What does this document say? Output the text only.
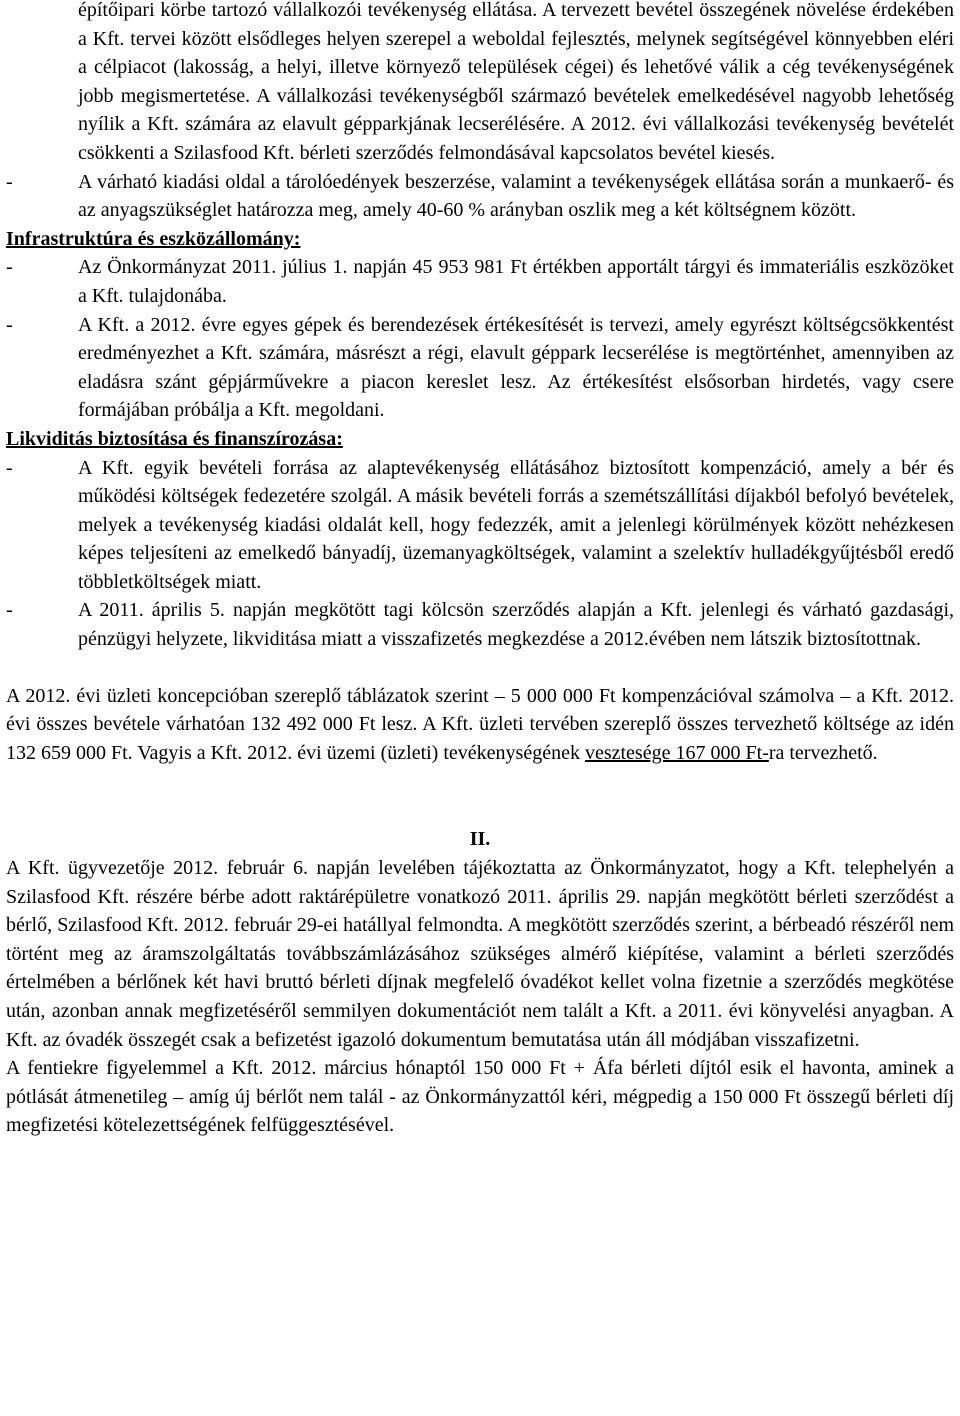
építőipari körbe tartozó vállalkozói tevékenység ellátása. A tervezett bevétel összegének növelése érdekében a Kft. tervei között elsődleges helyen szerepel a weboldal fejlesztés, melynek segítségével könnyebben eléri a célpiacot (lakosság, a helyi, illetve környező települések cégei) és lehetővé válik a cég tevékenységének jobb megismertetése. A vállalkozási tevékenységből származó bevételek emelkedésével nagyobb lehetőség nyílik a Kft. számára az elavult gépparkjának lecserélésére. A 2012. évi vállalkozási tevékenység bevételét csökkenti a Szilasfood Kft. bérleti szerződés felmondásával kapcsolatos bevétel kiesés.

-	A várható kiadási oldal a tárolóedények beszerzése, valamint a tevékenységek ellátása során a munkaerő- és az anyagszükséglet határozza meg, amely 40-60 % arányban oszlik meg a két költségnem között.

Infrastruktúra és eszközállomány:

-	Az Önkormányzat 2011. július 1. napján 45 953 981 Ft értékben apportált tárgyi és immateriális eszközöket a Kft. tulajdonába.
-	A Kft. a 2012. évre egyes gépek és berendezések értékesítését is tervezi, amely egyrészt költségcsökkentést eredményezhet a Kft. számára, másrészt a régi, elavult géppark lecserélése is megtörténhet, amennyiben az eladásra szánt gépjárművekre a piacon kereslet lesz. Az értékesítést elsősorban hirdetés, vagy csere formájában próbálja a Kft. megoldani.

Likviditás biztosítása és finanszírozása:

-	A Kft. egyik bevételi forrása az alaptevékenység ellátásához biztosított kompenzáció, amely a bér és működési költségek fedezetére szolgál. A másik bevételi forrás a szemétszállítási díjakból befolyó bevételek, melyek a tevékenység kiadási oldalát kell, hogy fedezzék, amit a jelenlegi körülmények között nehézkesen képes teljesíteni az emelkedő bányadíj, üzemanyagköltségek, valamint a szelektív hulladékgyűjtésből eredő többletköltségek miatt.
-	A 2011. április 5. napján megkötött tagi kölcsön szerződés alapján a Kft. jelenlegi és várható gazdasági, pénzügyi helyzete, likviditása miatt a visszafizetés megkezdése a 2012.évében nem látszik biztosítottnak.

A 2012. évi üzleti koncepcióban szereplő táblázatok szerint – 5 000 000 Ft kompenzációval számolva – a Kft. 2012. évi összes bevétele várhatóan 132 492 000 Ft lesz. A Kft. üzleti tervében szereplő összes tervezhető költsége az idén 132 659 000 Ft. Vagyis a Kft. 2012. évi üzemi (üzleti) tevékenységének vesztesége 167 000 Ft-ra tervezhető.

II.

A Kft. ügyvezetője 2012. február 6. napján levelében tájékoztatta az Önkormányzatot, hogy a Kft. telephelyén a Szilasfood Kft. részére bérbe adott raktárépületre vonatkozó 2011. április 29. napján megkötött bérleti szerződést a bérlő, Szilasfood Kft. 2012. február 29-ei hatállyal felmondta. A megkötött szerződés szerint, a bérbeadó részéről nem történt meg az áramszolgáltatás továbbszámlázásához szükséges almérő kiépítése, valamint a bérleti szerződés értelmében a bérlőnek két havi bruttó bérleti díjnak megfelelő óvadékot kellet volna fizetnie a szerződés megkötése után, azonban annak megfizetéséről semmilyen dokumentációt nem talált a Kft. a 2011. évi könyvelési anyagban. A Kft. az óvadék összegét csak a befizetést igazoló dokumentum bemutatása után áll módjában visszafizetni.

A fentiekre figyelemmel a Kft. 2012. március hónaptól 150 000 Ft + Áfa bérleti díjtól esik el havonta, aminek a pótlását átmenetileg – amíg új bérlőt nem talál - az Önkormányzattól kéri, mégpedig a 150 000 Ft összegű bérleti díj megfizetési kötelezettségének felfüggesztésével.
